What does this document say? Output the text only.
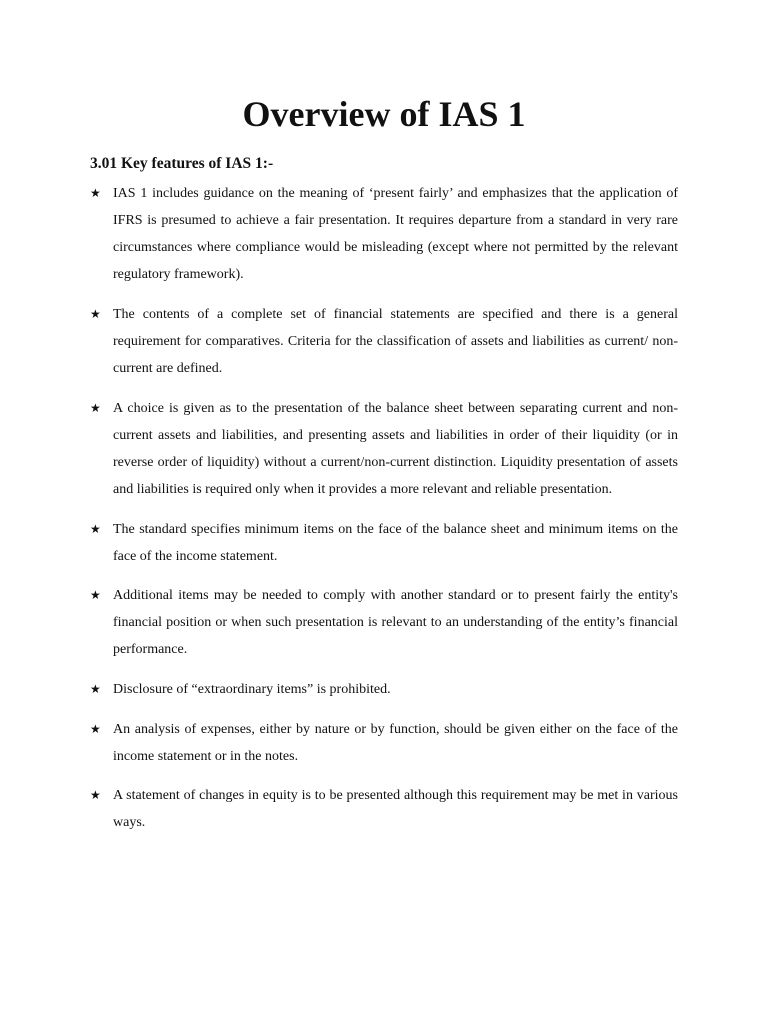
Overview of IAS 1
3.01 Key features of IAS 1:-
★ IAS 1 includes guidance on the meaning of ‘present fairly’ and emphasizes that the application of IFRS is presumed to achieve a fair presentation. It requires departure from a standard in very rare circumstances where compliance would be misleading (except where not permitted by the relevant regulatory framework).
★ The contents of a complete set of financial statements are specified and there is a general requirement for comparatives. Criteria for the classification of assets and liabilities as current/ non-current are defined.
★ A choice is given as to the presentation of the balance sheet between separating current and non-current assets and liabilities, and presenting assets and liabilities in order of their liquidity (or in reverse order of liquidity) without a current/non-current distinction. Liquidity presentation of assets and liabilities is required only when it provides a more relevant and reliable presentation.
★ The standard specifies minimum items on the face of the balance sheet and minimum items on the face of the income statement.
★ Additional items may be needed to comply with another standard or to present fairly the entity's financial position or when such presentation is relevant to an understanding of the entity’s financial performance.
★ Disclosure of “extraordinary items” is prohibited.
★ An analysis of expenses, either by nature or by function, should be given either on the face of the income statement or in the notes.
★ A statement of changes in equity is to be presented although this requirement may be met in various ways.
